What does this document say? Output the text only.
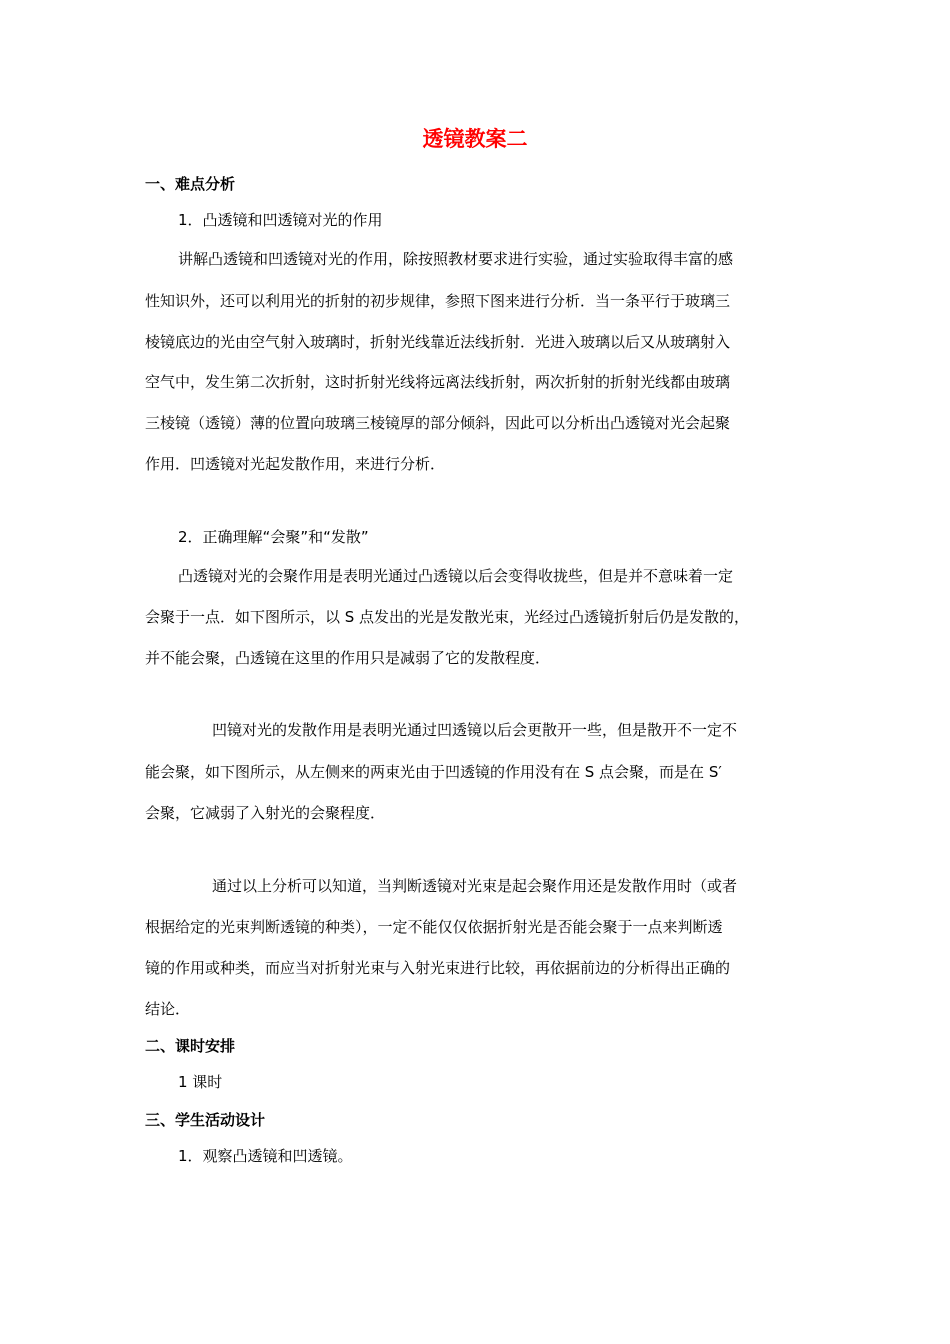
透镜教案二
一、难点分析
1．凸透镜和凹透镜对光的作用
讲解凸透镜和凹透镜对光的作用，除按照教材要求进行实验，通过实验取得丰富的感
性知识外，还可以利用光的折射的初步规律，参照下图来进行分析．当一条平行于玻璃三
棱镜底边的光由空气射入玻璃时，折射光线靠近法线折射．光进入玻璃以后又从玻璃射入
空气中，发生第二次折射，这时折射光线将远离法线折射，两次折射的折射光线都由玻璃
三棱镜（透镜）薄的位置向玻璃三棱镜厚的部分倾斜，因此可以分析出凸透镜对光会起聚
作用．凹透镜对光起发散作用，来进行分析．
2．正确理解“会聚”和“发散”
凸透镜对光的会聚作用是表明光通过凸透镜以后会变得收拢些，但是并不意味着一定
会聚于一点．如下图所示，以 S 点发出的光是发散光束，光经过凸透镜折射后仍是发散的，
并不能会聚，凸透镜在这里的作用只是减弱了它的发散程度．
凹镜对光的发散作用是表明光通过凹透镜以后会更散开一些，但是散开不一定不
能会聚，如下图所示，从左侧来的两束光由于凹透镜的作用没有在 S 点会聚，而是在 S′
会聚，它减弱了入射光的会聚程度．
通过以上分析可以知道，当判断透镜对光束是起会聚作用还是发散作用时（或者
根据给定的光束判断透镜的种类），一定不能仅仅依据折射光是否能会聚于一点来判断透
镜的作用或种类，而应当对折射光束与入射光束进行比较，再依据前边的分析得出正确的
结论．
二、课时安排
1 课时
三、学生活动设计
1．观察凸透镜和凹透镜。
